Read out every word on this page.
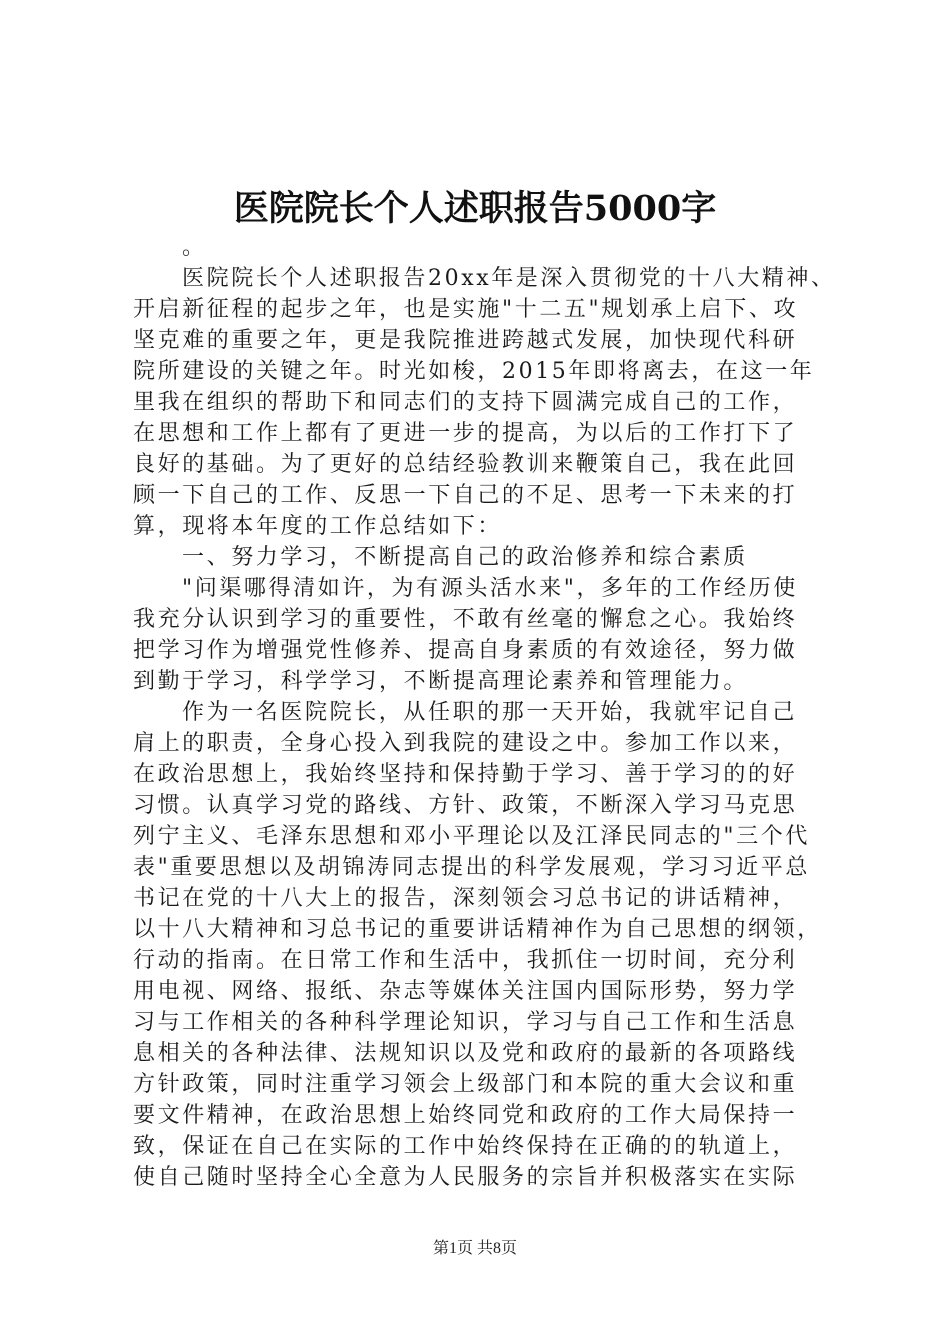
医院院长个人述职报告5000字
。
医院院长个人述职报告20xx年是深入贯彻党的十八大精神、
开启新征程的起步之年，也是实施"十二五"规划承上启下、攻
坚克难的重要之年，更是我院推进跨越式发展，加快现代科研
院所建设的关键之年。时光如梭，2015年即将离去，在这一年
里我在组织的帮助下和同志们的支持下圆满完成自己的工作，
在思想和工作上都有了更进一步的提高，为以后的工作打下了
良好的基础。为了更好的总结经验教训来鞭策自己，我在此回
顾一下自己的工作、反思一下自己的不足、思考一下未来的打
算，现将本年度的工作总结如下：
一、努力学习，不断提高自己的政治修养和综合素质
"问渠哪得清如许，为有源头活水来"，多年的工作经历使
我充分认识到学习的重要性，不敢有丝毫的懈怠之心。我始终
把学习作为增强党性修养、提高自身素质的有效途径，努力做
到勤于学习，科学学习，不断提高理论素养和管理能力。
作为一名医院院长，从任职的那一天开始，我就牢记自己
肩上的职责，全身心投入到我院的建设之中。参加工作以来，
在政治思想上，我始终坚持和保持勤于学习、善于学习的的好
习惯。认真学习党的路线、方针、政策，不断深入学习马克思
列宁主义、毛泽东思想和邓小平理论以及江泽民同志的"三个代
表"重要思想以及胡锦涛同志提出的科学发展观，学习习近平总
书记在党的十八大上的报告，深刻领会习总书记的讲话精神，
以十八大精神和习总书记的重要讲话精神作为自己思想的纲领，
行动的指南。在日常工作和生活中，我抓住一切时间，充分利
用电视、网络、报纸、杂志等媒体关注国内国际形势，努力学
习与工作相关的各种科学理论知识，学习与自己工作和生活息
息相关的各种法律、法规知识以及党和政府的最新的各项路线
方针政策，同时注重学习领会上级部门和本院的重大会议和重
要文件精神，在政治思想上始终同党和政府的工作大局保持一
致，保证在自己在实际的工作中始终保持在正确的的轨道上，
使自己随时坚持全心全意为人民服务的宗旨并积极落实在实际
第1页 共8页
